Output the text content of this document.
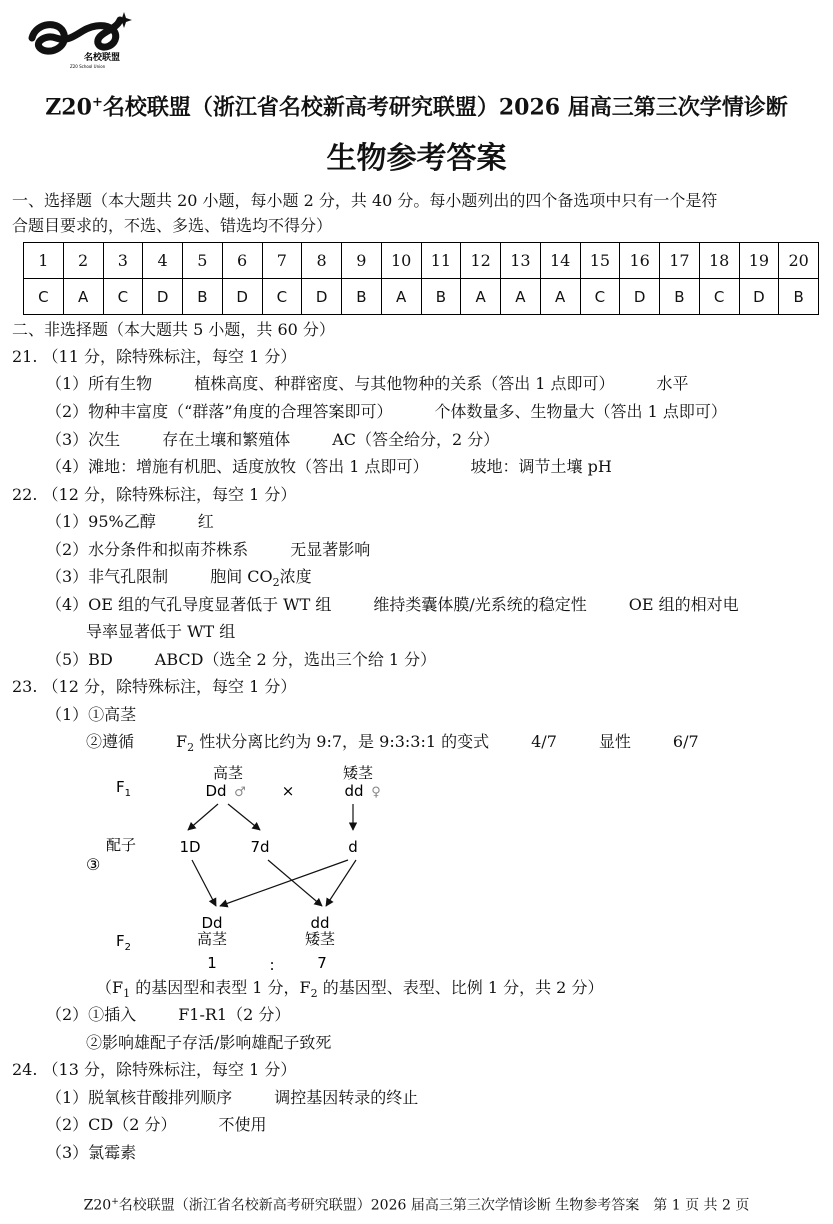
名校联盟
Z20 School Union
Z20+名校联盟（浙江省名校新高考研究联盟）2026 届高三第三次学情诊断
生物参考答案
一、选择题（本大题共 20 小题，每小题 2 分，共 40 分。每小题列出的四个备选项中只有一个是符
合题目要求的，不选、多选、错选均不得分）
1	2	3	4	5	6	7	8	9	10	11	12	13	14	15	16	17	18	19	20
C	A	C	D	B	D	C	D	B	A	B	A	A	A	C	D	B	C	D	B
二、非选择题（本大题共 5 小题，共 60 分）
21. （11 分，除特殊标注，每空 1 分）
（1）所有生物	植株高度、种群密度、与其他物种的关系（答出 1 点即可）	水平
（2）物种丰富度（“群落”角度的合理答案即可）	个体数量多、生物量大（答出 1 点即可）
（3）次生	存在土壤和繁殖体	AC（答全给分，2 分）
（4）滩地：增施有机肥、适度放牧（答出 1 点即可）	坡地：调节土壤 pH
22. （12 分，除特殊标注，每空 1 分）
（1）95%乙醇	红
（2）水分条件和拟南芥株系	无显著影响
（3）非气孔限制	胞间 $CO_2$浓度
（4）OE 组的气孔导度显著低于 WT 组	维持类囊体膜/光系统的稳定性	OE 组的相对电
导率显著低于 WT 组
（5）BD	ABCD（选全 2 分，选出三个给 1 分）
23. （12 分，除特殊标注，每空 1 分）
（1）①高茎
②遵循	$F_2$ 性状分离比约为 9:7，是 9:3:3:1 的变式	4/7	显性	6/7
$F_1$
高茎
Dd ♂ ×
矮茎
dd ♀
配子
③
1D	7d	d
Dd
高茎
dd
矮茎
$F_2$
1	:	7
（$F_1$ 的基因型和表型 1 分，$F_2$ 的基因型、表型、比例 1 分，共 2 分）
（2）①插入	F1-R1（2 分）
②影响雄配子存活/影响雄配子致死
24. （13 分，除特殊标注，每空 1 分）
（1）脱氧核苷酸排列顺序	调控基因转录的终止
（2）CD（2 分）	不使用
（3）氯霉素
Z20+名校联盟（浙江省名校新高考研究联盟）2026 届高三第三次学情诊断 生物参考答案　第 1 页 共 2 页
